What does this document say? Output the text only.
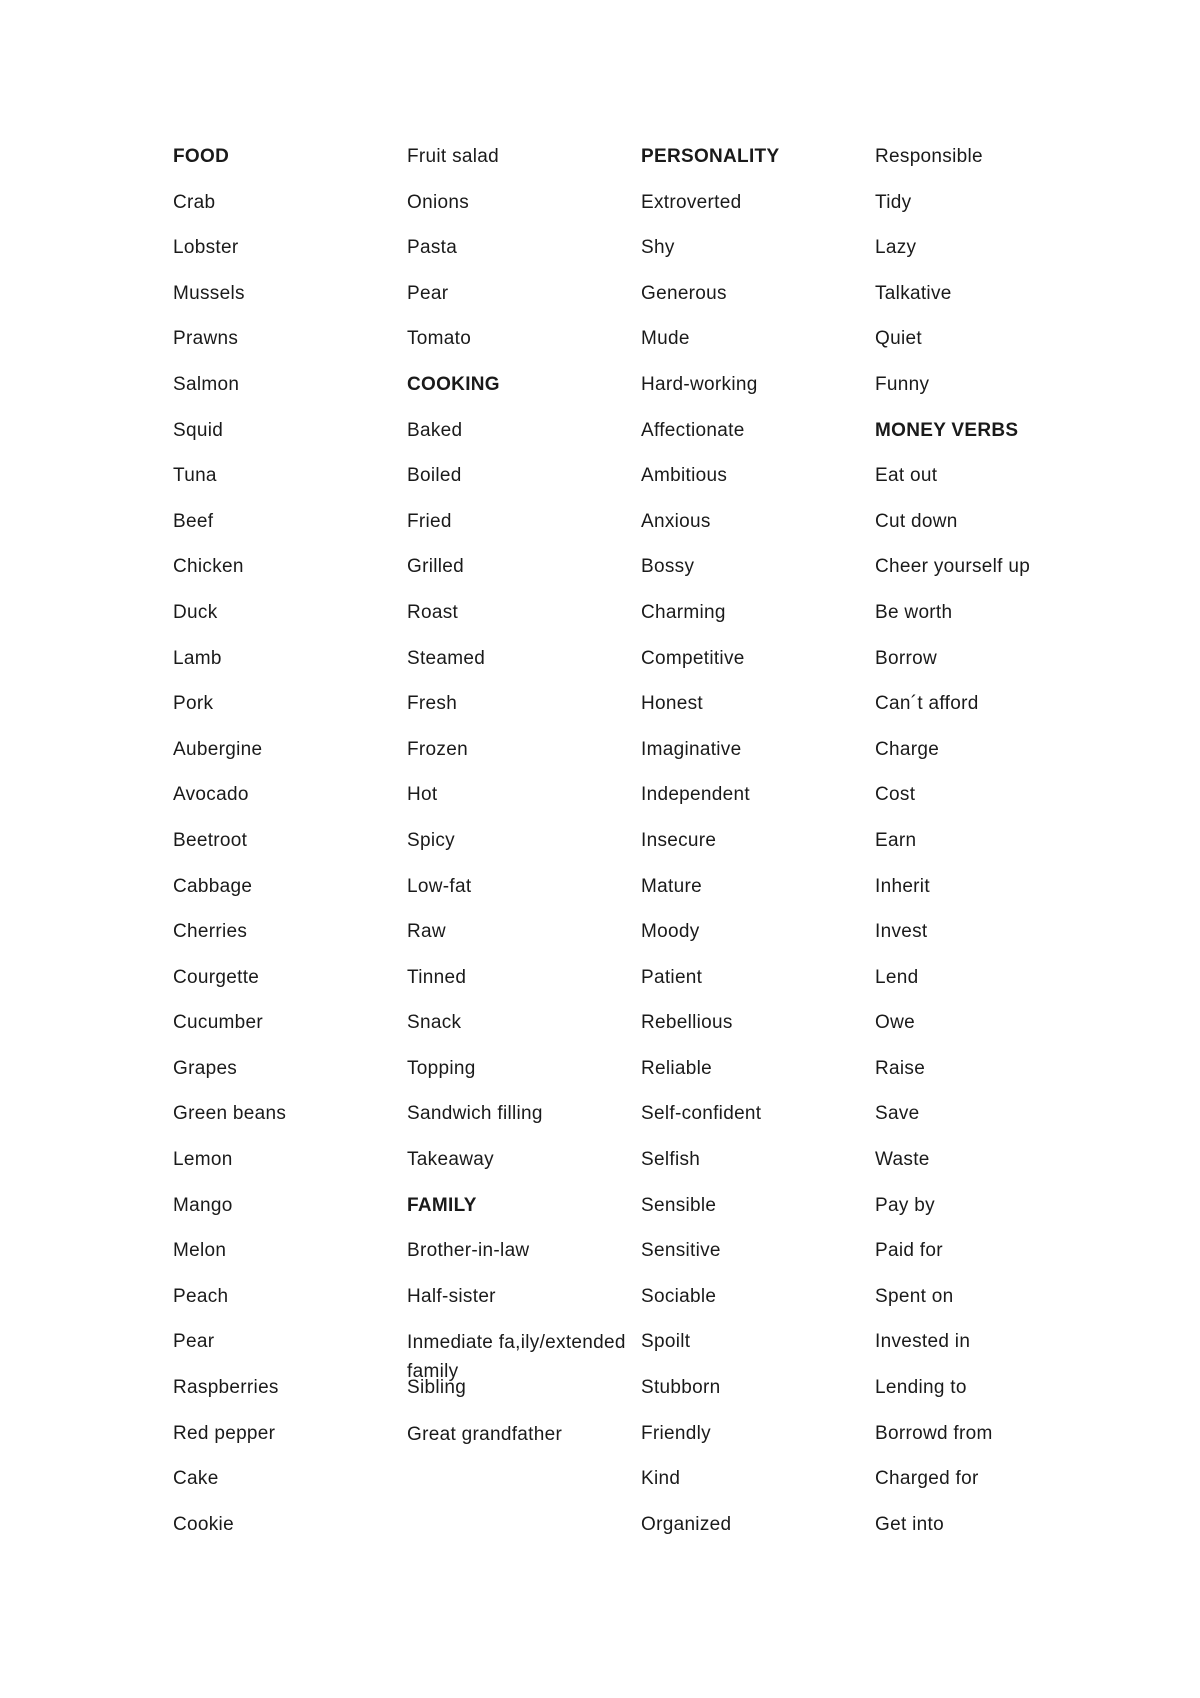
FOOD

Crab

Lobster

Mussels

Prawns

Salmon

Squid

Tuna

Beef

Chicken

Duck

Lamb

Pork

Aubergine

Avocado

Beetroot

Cabbage

Cherries

Courgette

Cucumber

Grapes

Green beans

Lemon

Mango

Melon

Peach

Pear

Raspberries

Red pepper

Cake

Cookie

Fruit salad

Onions

Pasta

Pear

Tomato

COOKING

Baked

Boiled

Fried

Grilled

Roast

Steamed

Fresh

Frozen

Hot

Spicy

Low-fat

Raw

Tinned

Snack

Topping

Sandwich filling

Takeaway

FAMILY

Brother-in-law

Half-sister

Inmediate fa,ily/extended family

Sibling

Great grandfather

PERSONALITY

Extroverted

Shy

Generous

Mude

Hard-working

Affectionate

Ambitious

Anxious

Bossy

Charming

Competitive

Honest

Imaginative

Independent

Insecure

Mature

Moody

Patient

Rebellious

Reliable

Self-confident

Selfish

Sensible

Sensitive

Sociable

Spoilt

Stubborn

Friendly

Kind

Organized

Responsible

Tidy

Lazy

Talkative

Quiet

Funny

MONEY VERBS

Eat out

Cut down

Cheer yourself up

Be worth

Borrow

Can´t afford

Charge

Cost

Earn

Inherit

Invest

Lend

Owe

Raise

Save

Waste

Pay by

Paid for

Spent on

Invested in

Lending to

Borrowd from

Charged for

Get into
